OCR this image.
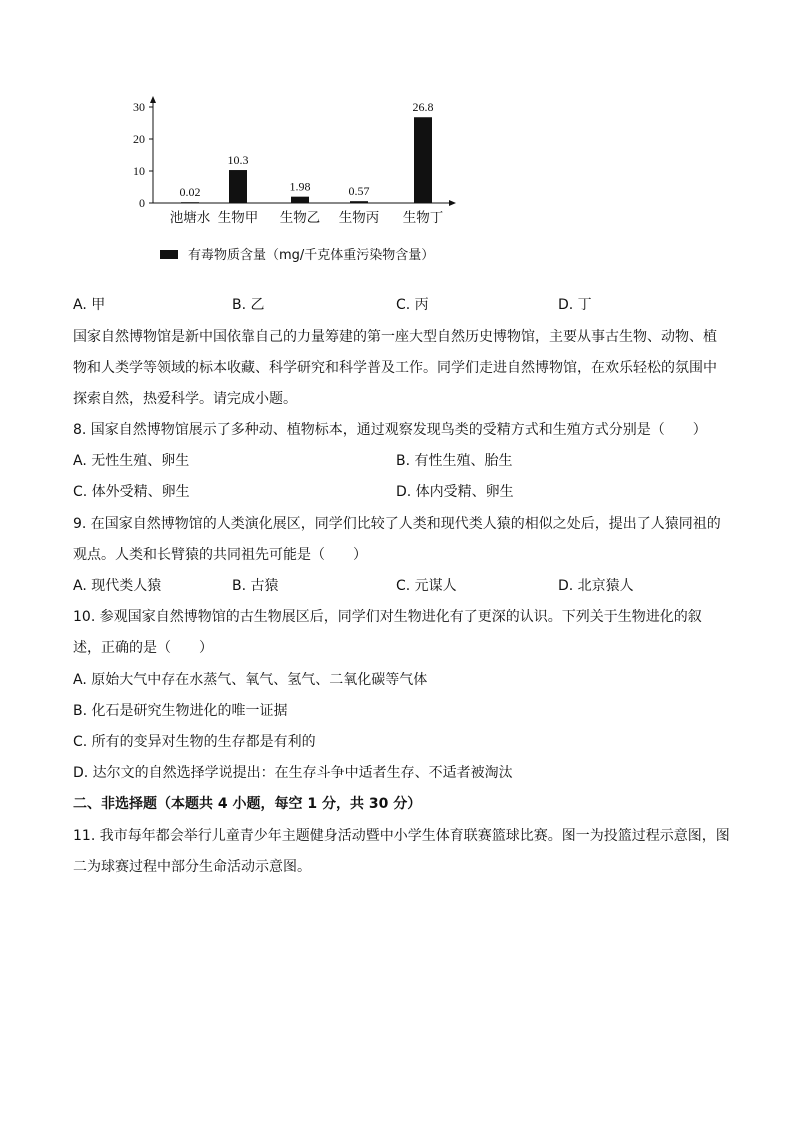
0
10
20
30
0.02
池塘水
10.3
生物甲
1.98
生物乙
0.57
生物丙
26.8
生物丁
有毒物质含量（mg/千克体重污染物含量）
A. 甲	B. 乙	C. 丙	D. 丁
国家自然博物馆是新中国依靠自己的力量筹建的第一座大型自然历史博物馆，主要从事古生物、动物、植
物和人类学等领域的标本收藏、科学研究和科学普及工作。同学们走进自然博物馆，在欢乐轻松的氛围中
探索自然，热爱科学。请完成小题。
8. 国家自然博物馆展示了多种动、植物标本，通过观察发现鸟类的受精方式和生殖方式分别是（　　）
A. 无性生殖、卵生	B. 有性生殖、胎生
C. 体外受精、卵生	D. 体内受精、卵生
9. 在国家自然博物馆的人类演化展区，同学们比较了人类和现代类人猿的相似之处后，提出了人猿同祖的
观点。人类和长臂猿的共同祖先可能是（　　）
A. 现代类人猿	B. 古猿	C. 元谋人	D. 北京猿人
10. 参观国家自然博物馆的古生物展区后，同学们对生物进化有了更深的认识。下列关于生物进化的叙
述，正确的是（　　）
A. 原始大气中存在水蒸气、氧气、氢气、二氧化碳等气体
B. 化石是研究生物进化的唯一证据
C. 所有的变异对生物的生存都是有利的
D. 达尔文的自然选择学说提出：在生存斗争中适者生存、不适者被淘汰
二、非选择题（本题共 4 小题，每空 1 分，共 30 分）
11. 我市每年都会举行儿童青少年主题健身活动暨中小学生体育联赛篮球比赛。图一为投篮过程示意图，图
二为球赛过程中部分生命活动示意图。
